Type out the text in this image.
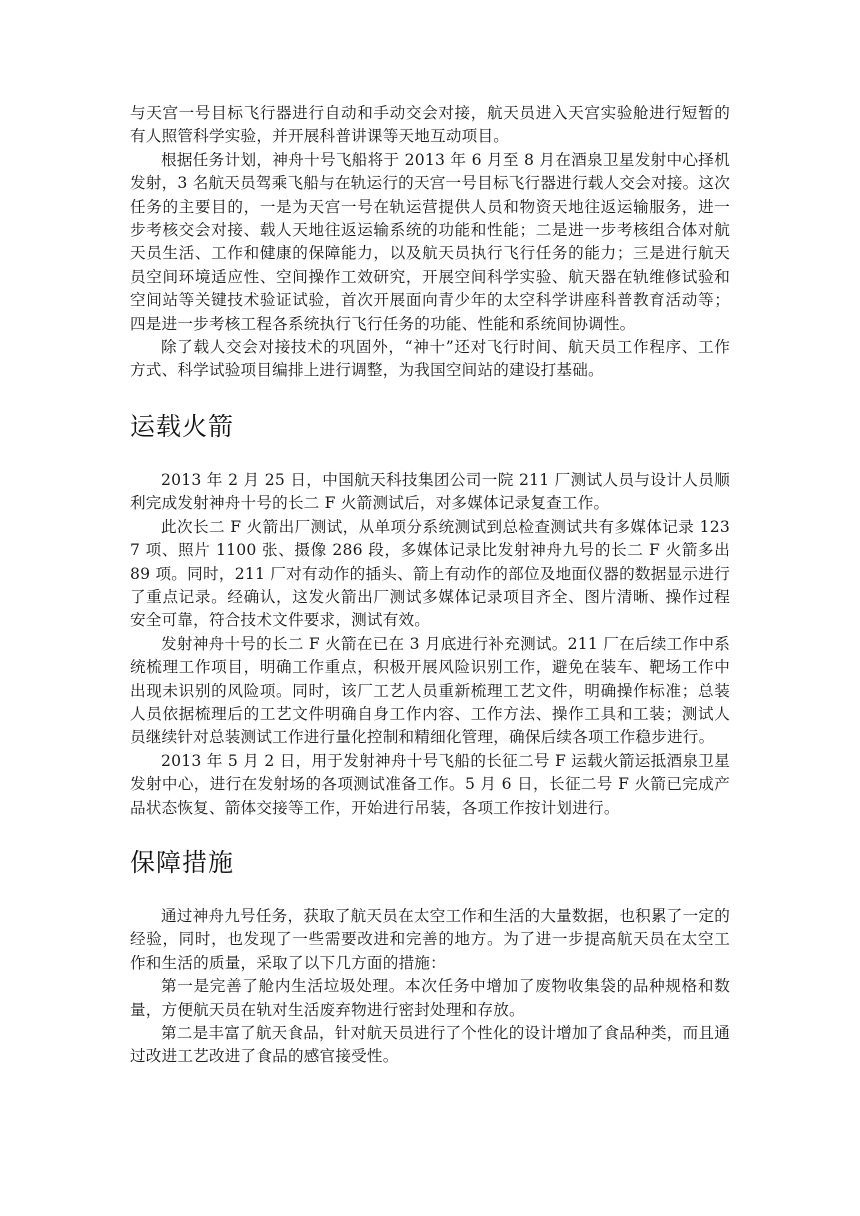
与天宫一号目标飞行器进行自动和手动交会对接，航天员进入天宫实验舱进行短暂的有人照管科学实验，并开展科普讲课等天地互动项目。

根据任务计划，神舟十号飞船将于 2013 年 6 月至 8 月在酒泉卫星发射中心择机发射，3 名航天员驾乘飞船与在轨运行的天宫一号目标飞行器进行载人交会对接。这次任务的主要目的，一是为天宫一号在轨运营提供人员和物资天地往返运输服务，进一步考核交会对接、载人天地往返运输系统的功能和性能；二是进一步考核组合体对航天员生活、工作和健康的保障能力，以及航天员执行飞行任务的能力；三是进行航天员空间环境适应性、空间操作工效研究，开展空间科学实验、航天器在轨维修试验和空间站等关键技术验证试验，首次开展面向青少年的太空科学讲座科普教育活动等；四是进一步考核工程各系统执行飞行任务的功能、性能和系统间协调性。

除了载人交会对接技术的巩固外，“神十”还对飞行时间、航天员工作程序、工作方式、科学试验项目编排上进行调整，为我国空间站的建设打基础。

运载火箭

2013 年 2 月 25 日，中国航天科技集团公司一院 211 厂测试人员与设计人员顺利完成发射神舟十号的长二 F 火箭测试后，对多媒体记录复查工作。

此次长二 F 火箭出厂测试，从单项分系统测试到总检查测试共有多媒体记录 1237 项、照片 1100 张、摄像 286 段，多媒体记录比发射神舟九号的长二 F 火箭多出 89 项。同时，211 厂对有动作的插头、箭上有动作的部位及地面仪器的数据显示进行了重点记录。经确认，这发火箭出厂测试多媒体记录项目齐全、图片清晰、操作过程安全可靠，符合技术文件要求，测试有效。

发射神舟十号的长二 F 火箭在已在 3 月底进行补充测试。211 厂在后续工作中系统梳理工作项目，明确工作重点，积极开展风险识别工作，避免在装车、靶场工作中出现未识别的风险项。同时，该厂工艺人员重新梳理工艺文件，明确操作标准；总装人员依据梳理后的工艺文件明确自身工作内容、工作方法、操作工具和工装；测试人员继续针对总装测试工作进行量化控制和精细化管理，确保后续各项工作稳步进行。

2013 年 5 月 2 日，用于发射神舟十号飞船的长征二号 F 运载火箭运抵酒泉卫星发射中心，进行在发射场的各项测试准备工作。5 月 6 日，长征二号 F 火箭已完成产品状态恢复、箭体交接等工作，开始进行吊装，各项工作按计划进行。

保障措施

通过神舟九号任务，获取了航天员在太空工作和生活的大量数据，也积累了一定的经验，同时，也发现了一些需要改进和完善的地方。为了进一步提高航天员在太空工作和生活的质量，采取了以下几方面的措施：

第一是完善了舱内生活垃圾处理。本次任务中增加了废物收集袋的品种规格和数量，方便航天员在轨对生活废弃物进行密封处理和存放。

第二是丰富了航天食品，针对航天员进行了个性化的设计增加了食品种类，而且通过改进工艺改进了食品的感官接受性。
